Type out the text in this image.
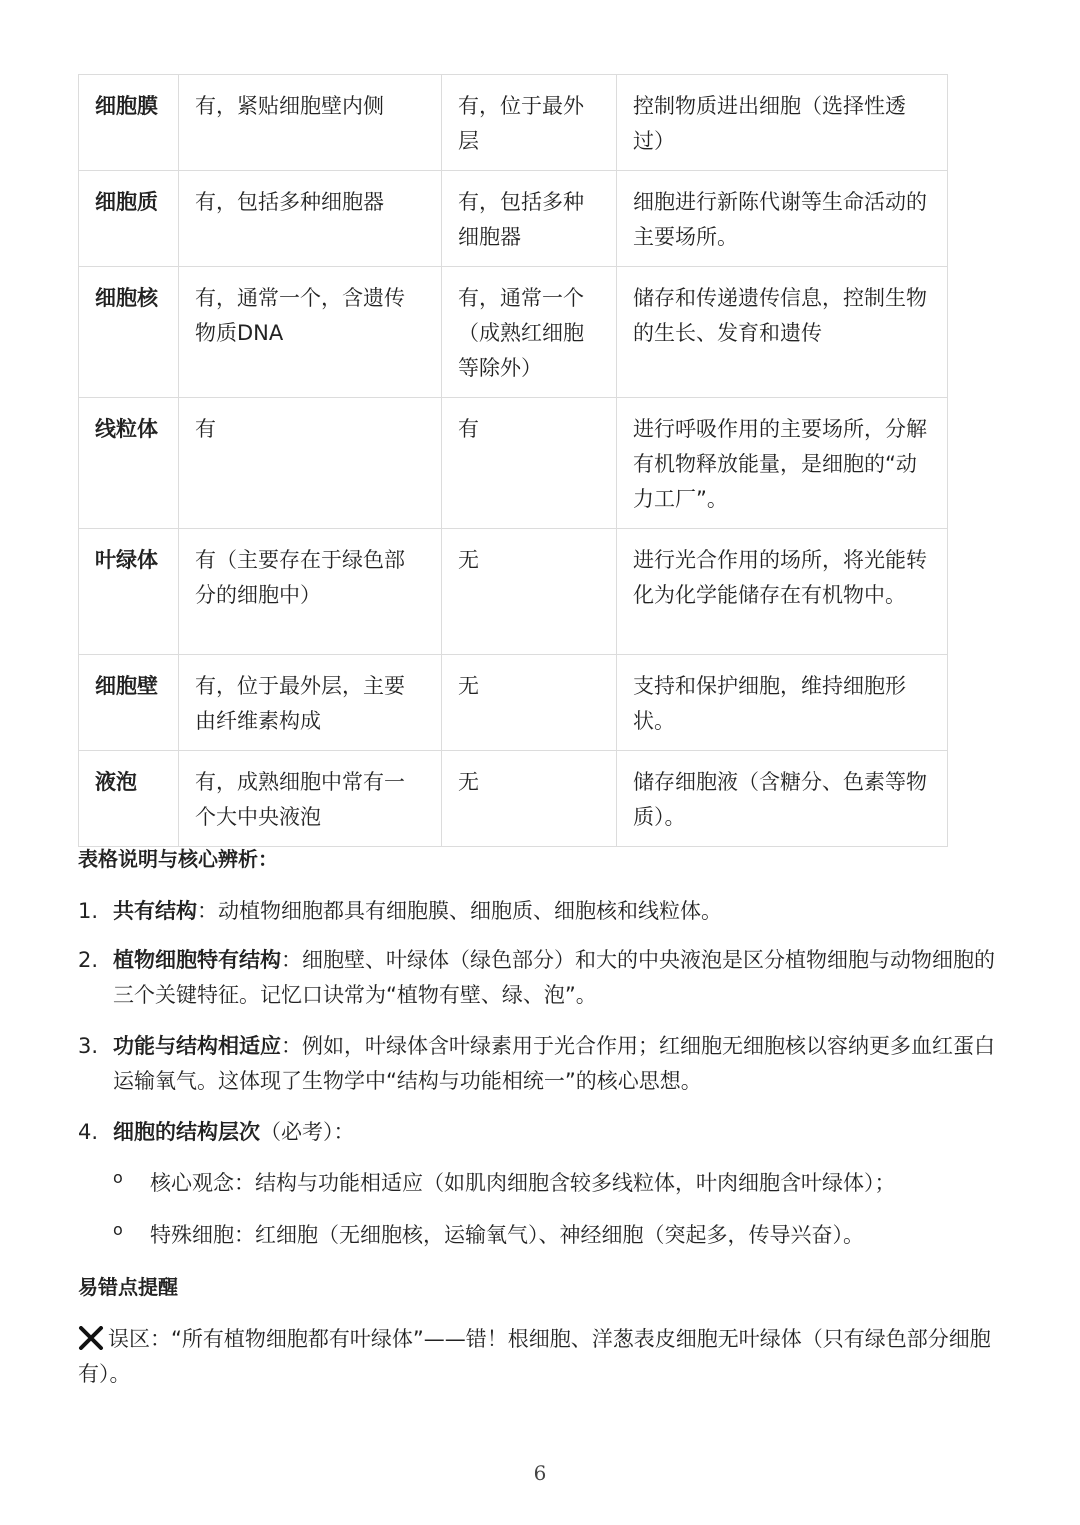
细胞膜	有，紧贴细胞壁内侧	有，位于最外层	控制物质进出细胞（选择性透过）
细胞质	有，包括多种细胞器	有，包括多种细胞器	细胞进行新陈代谢等生命活动的主要场所。
细胞核	有，通常一个，含遗传物质DNA	有，通常一个（成熟红细胞等除外）	储存和传递遗传信息，控制生物的生长、发育和遗传
线粒体	有	有	进行呼吸作用的主要场所，分解有机物释放能量，是细胞的“动力工厂”。
叶绿体	有（主要存在于绿色部分的细胞中）	无	进行光合作用的场所，将光能转化为化学能储存在有机物中。
细胞壁	有，位于最外层，主要由纤维素构成	无	支持和保护细胞，维持细胞形状。
液泡	有，成熟细胞中常有一个大中央液泡	无	储存细胞液（含糖分、色素等物质）。
表格说明与核心辨析：
1. 共有结构：动植物细胞都具有细胞膜、细胞质、细胞核和线粒体。
2. 植物细胞特有结构：细胞壁、叶绿体（绿色部分）和大的中央液泡是区分植物细胞与动物细胞的三个关键特征。记忆口诀常为“植物有壁、绿、泡”。
3. 功能与结构相适应：例如，叶绿体含叶绿素用于光合作用；红细胞无细胞核以容纳更多血红蛋白运输氧气。这体现了生物学中“结构与功能相统一”的核心思想。
4. 细胞的结构层次（必考）：
o 核心观念：结构与功能相适应（如肌肉细胞含较多线粒体，叶肉细胞含叶绿体）；
o 特殊细胞：红细胞（无细胞核，运输氧气）、神经细胞（突起多，传导兴奋）。
易错点提醒
误区：“所有植物细胞都有叶绿体”——错！根细胞、洋葱表皮细胞无叶绿体（只有绿色部分细胞有）。
6
